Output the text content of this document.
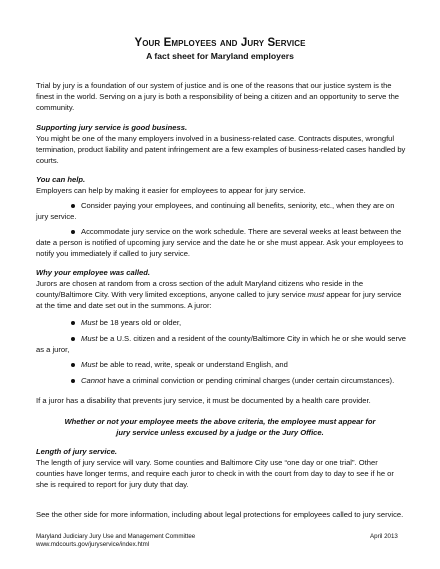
Your Employees and Jury Service
A fact sheet for Maryland employers

Trial by jury is a foundation of our system of justice and is one of the reasons that our justice system is the finest in the world. Serving on a jury is both a responsibility of being a citizen and an opportunity to serve the community.

Supporting jury service is good business.

You might be one of the many employers involved in a business-related case. Contracts disputes, wrongful termination, product liability and patent infringement are a few examples of business-related cases handled by courts.

You can help.

Employers can help by making it easier for employees to appear for jury service.

Consider paying your employees, and continuing all benefits, seniority, etc., when they are on jury service.
Accommodate jury service on the work schedule. There are several weeks at least between the date a person is notified of upcoming jury service and the date he or she must appear. Ask your employees to notify you immediately if called to jury service.

Why your employee was called.

Jurors are chosen at random from a cross section of the adult Maryland citizens who reside in the county/Baltimore City. With very limited exceptions, anyone called to jury service must appear for jury service at the time and date set out in the summons. A juror:

Must be 18 years old or older,
Must be a U.S. citizen and a resident of the county/Baltimore City in which he or she would serve as a juror,
Must be able to read, write, speak or understand English, and
Cannot have a criminal conviction or pending criminal charges (under certain circumstances).

If a juror has a disability that prevents jury service, it must be documented by a health care provider.

Whether or not your employee meets the above criteria, the employee must appear for jury service unless excused by a judge or the Jury Office.

Length of jury service.

The length of jury service will vary. Some counties and Baltimore City use “one day or one trial”. Other counties have longer terms, and require each juror to check in with the court from day to day to see if he or she is required to report for jury duty that day.

See the other side for more information, including about legal protections for employees called to jury service.

Maryland Judiciary Jury Use and Management Committee
www.mdcourts.gov/juryservice/index.html
April 2013
